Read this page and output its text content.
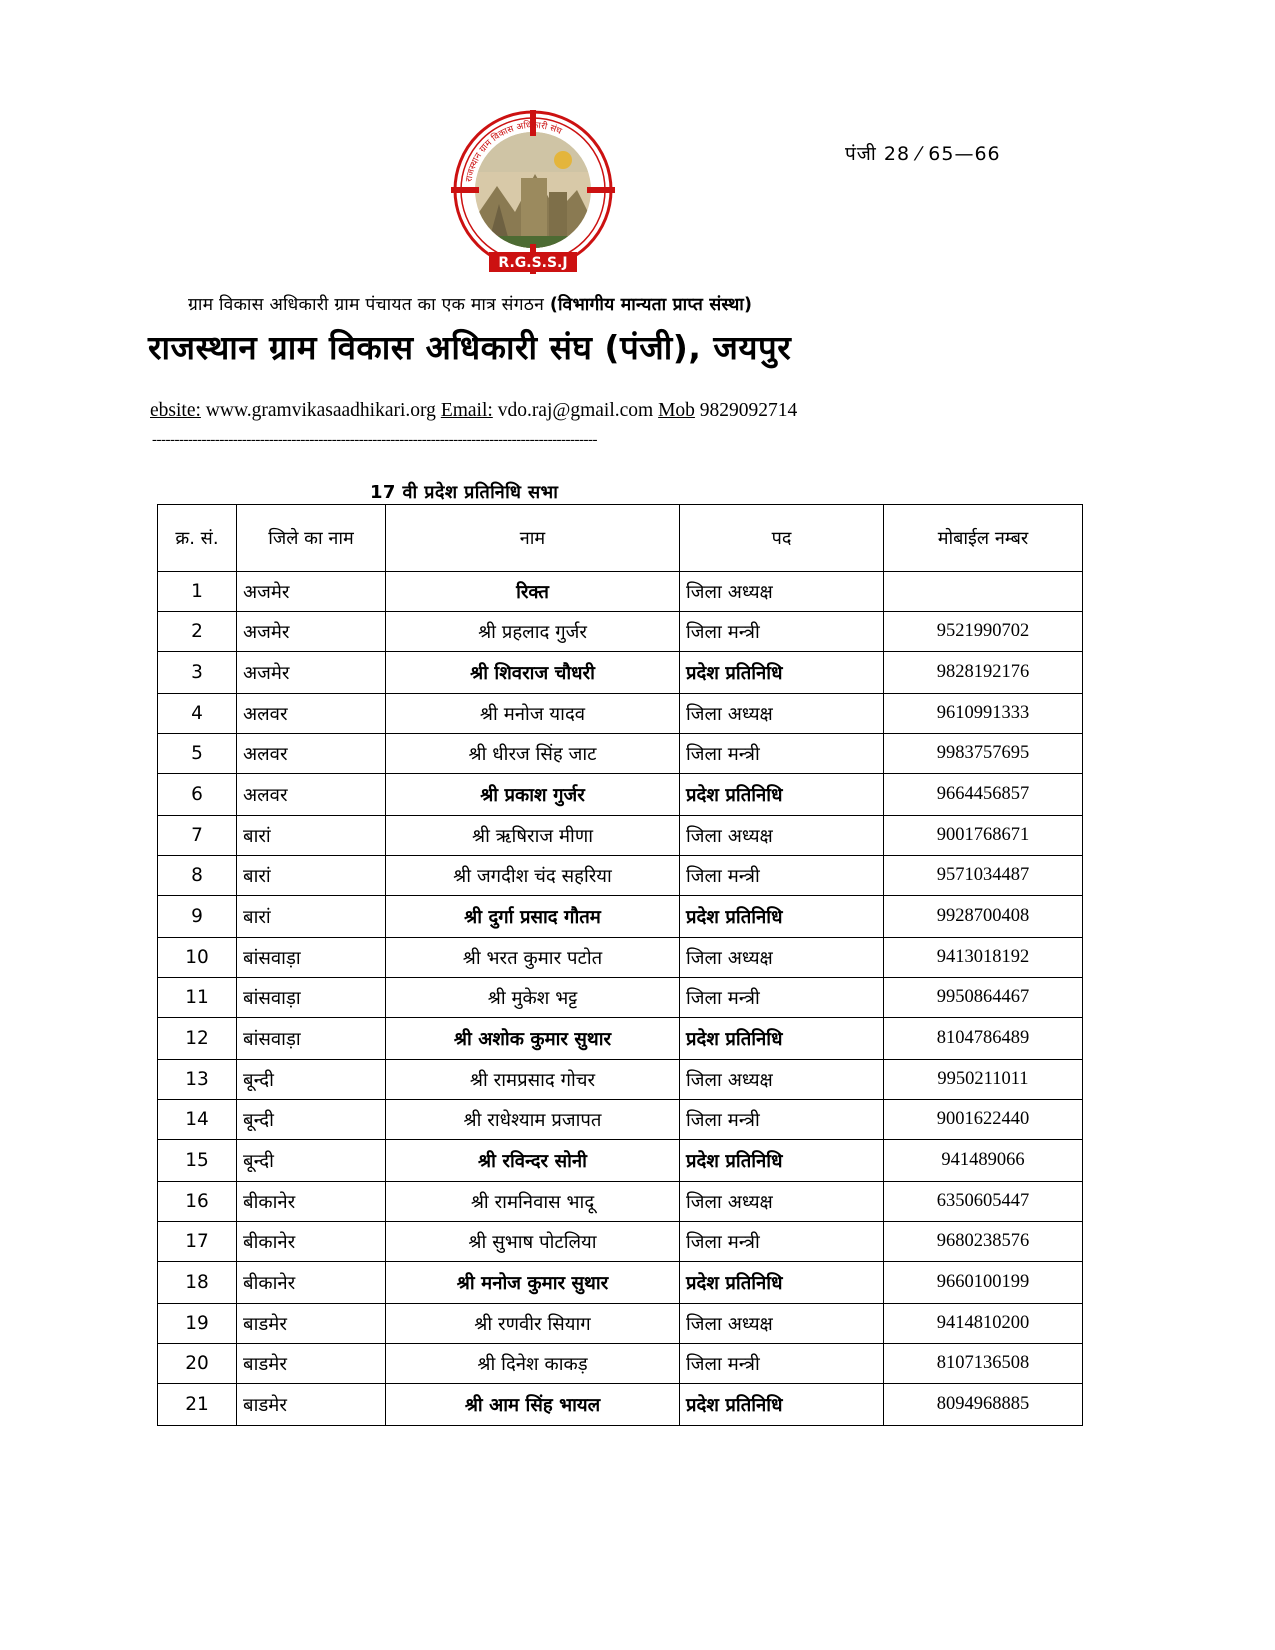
पंजी 28 ⁄ 65—66
R.G.S.S.J
राजस्थान ग्राम विकास अधिकारी संघ
ग्राम विकास अधिकारी ग्राम पंचायत का एक मात्र संगठन (विभागीय मान्यता प्राप्त संस्था)
राजस्थान ग्राम विकास अधिकारी संघ (पंजी), जयपुर
ebsite: www.gramvikasaadhikari.org Email: vdo.raj@gmail.com Mob 9829092714
---------------------------------------------------------------------------------------------------
17 वी प्रदेश प्रतिनिधि सभा
क्र. सं.	जिले का नाम	नाम	पद	मोबाईल नम्बर
1	अजमेर	रिक्त	जिला अध्यक्ष	
2	अजमेर	श्री प्रहलाद गुर्जर	जिला मन्त्री	9521990702
3	अजमेर	श्री शिवराज चौधरी	प्रदेश प्रतिनिधि	9828192176
4	अलवर	श्री मनोज यादव	जिला अध्यक्ष	9610991333
5	अलवर	श्री धीरज सिंह जाट	जिला मन्त्री	9983757695
6	अलवर	श्री प्रकाश गुर्जर	प्रदेश प्रतिनिधि	9664456857
7	बारां	श्री ऋषिराज मीणा	जिला अध्यक्ष	9001768671
8	बारां	श्री जगदीश चंद सहरिया	जिला मन्त्री	9571034487
9	बारां	श्री दुर्गा प्रसाद गौतम	प्रदेश प्रतिनिधि	9928700408
10	बांसवाड़ा	श्री भरत कुमार पटोत	जिला अध्यक्ष	9413018192
11	बांसवाड़ा	श्री मुकेश भट्ट	जिला मन्त्री	9950864467
12	बांसवाड़ा	श्री अशोक कुमार सुथार	प्रदेश प्रतिनिधि	8104786489
13	बून्दी	श्री रामप्रसाद गोचर	जिला अध्यक्ष	9950211011
14	बून्दी	श्री राधेश्याम प्रजापत	जिला मन्त्री	9001622440
15	बून्दी	श्री रविन्दर सोनी	प्रदेश प्रतिनिधि	941489066
16	बीकानेर	श्री रामनिवास भादू	जिला अध्यक्ष	6350605447
17	बीकानेर	श्री सुभाष पोटलिया	जिला मन्त्री	9680238576
18	बीकानेर	श्री मनोज कुमार सुथार	प्रदेश प्रतिनिधि	9660100199
19	बाडमेर	श्री रणवीर सियाग	जिला अध्यक्ष	9414810200
20	बाडमेर	श्री दिनेश काकड़	जिला मन्त्री	8107136508
21	बाडमेर	श्री आम सिंह भायल	प्रदेश प्रतिनिधि	8094968885
